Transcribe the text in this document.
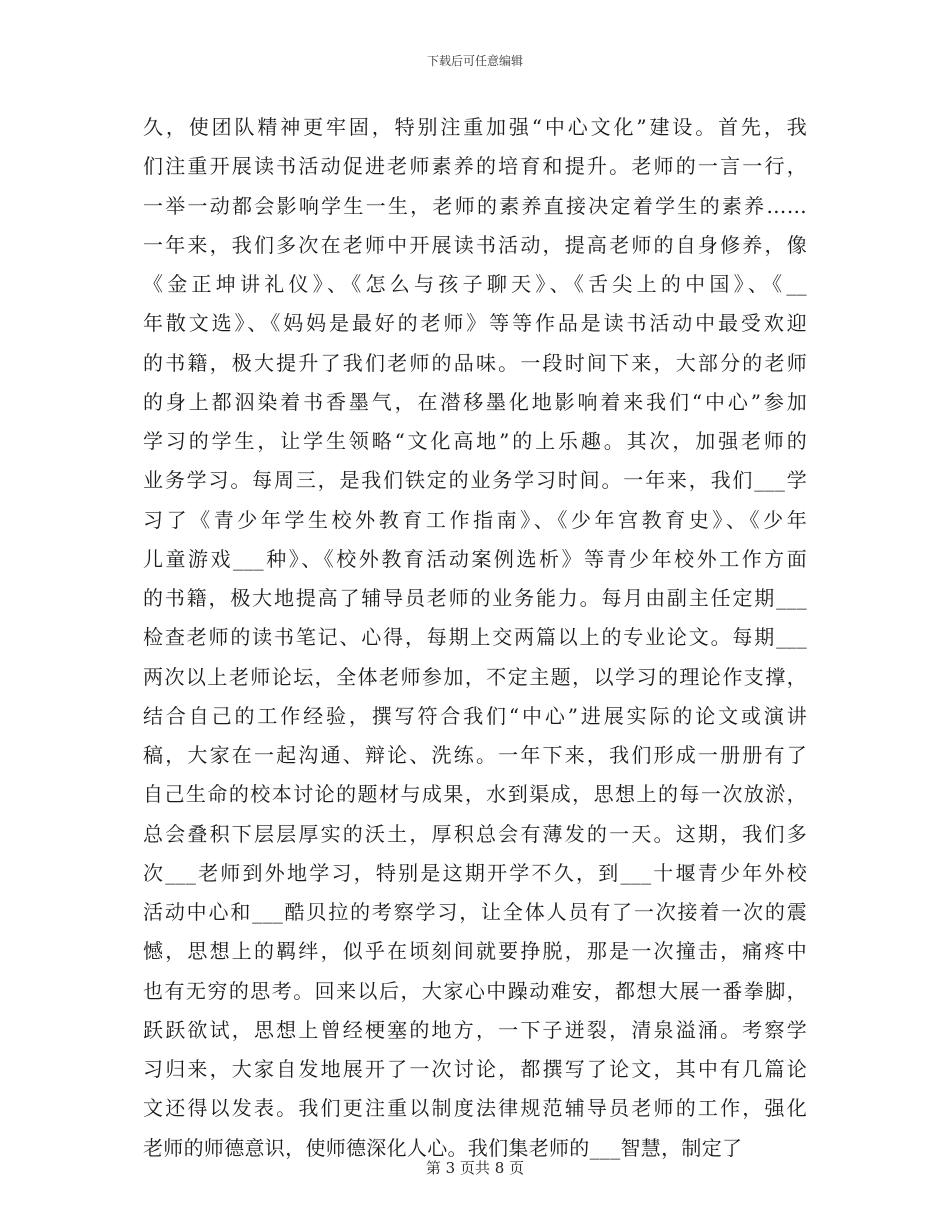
下载后可任意编辑
久，使团队精神更牢固，特别注重加强“中心文化”建设。首先，我
们注重开展读书活动促进老师素养的培育和提升。老师的一言一行，
一举一动都会影响学生一生，老师的素养直接决定着学生的素养……
一年来，我们多次在老师中开展读书活动，提高老师的自身修养，像
《金正坤讲礼仪》、《怎么与孩子聊天》、《舌尖上的中国》、《__
年散文选》、《妈妈是最好的老师》等等作品是读书活动中最受欢迎
的书籍，极大提升了我们老师的品味。一段时间下来，大部分的老师
的身上都泅染着书香墨气，在潜移墨化地影响着来我们“中心”参加
学习的学生，让学生领略“文化高地”的上乐趣。其次，加强老师的
业务学习。每周三，是我们铁定的业务学习时间。一年来，我们___学
习了《青少年学生校外教育工作指南》、《少年宫教育史》、《少年
儿童游戏___种》、《校外教育活动案例选析》等青少年校外工作方面
的书籍，极大地提高了辅导员老师的业务能力。每月由副主任定期___
检查老师的读书笔记、心得，每期上交两篇以上的专业论文。每期___
两次以上老师论坛，全体老师参加，不定主题，以学习的理论作支撑，
结合自己的工作经验，撰写符合我们“中心”进展实际的论文或演讲
稿，大家在一起沟通、辩论、洗练。一年下来，我们形成一册册有了
自己生命的校本讨论的题材与成果，水到渠成，思想上的每一次放淤，
总会叠积下层层厚实的沃土，厚积总会有薄发的一天。这期，我们多
次___老师到外地学习，特别是这期开学不久，到___十堰青少年外校
活动中心和___酷贝拉的考察学习，让全体人员有了一次接着一次的震
憾，思想上的羁绊，似乎在顷刻间就要挣脱，那是一次撞击，痛疼中
也有无穷的思考。回来以后，大家心中躁动难安，都想大展一番拳脚，
跃跃欲试，思想上曾经梗塞的地方，一下子迸裂，清泉溢涌。考察学
习归来，大家自发地展开了一次讨论，都撰写了论文，其中有几篇论
文还得以发表。我们更注重以制度法律规范辅导员老师的工作，强化
老师的师德意识，使师德深化人心。我们集老师的___智慧，制定了
第 3 页共 8 页
